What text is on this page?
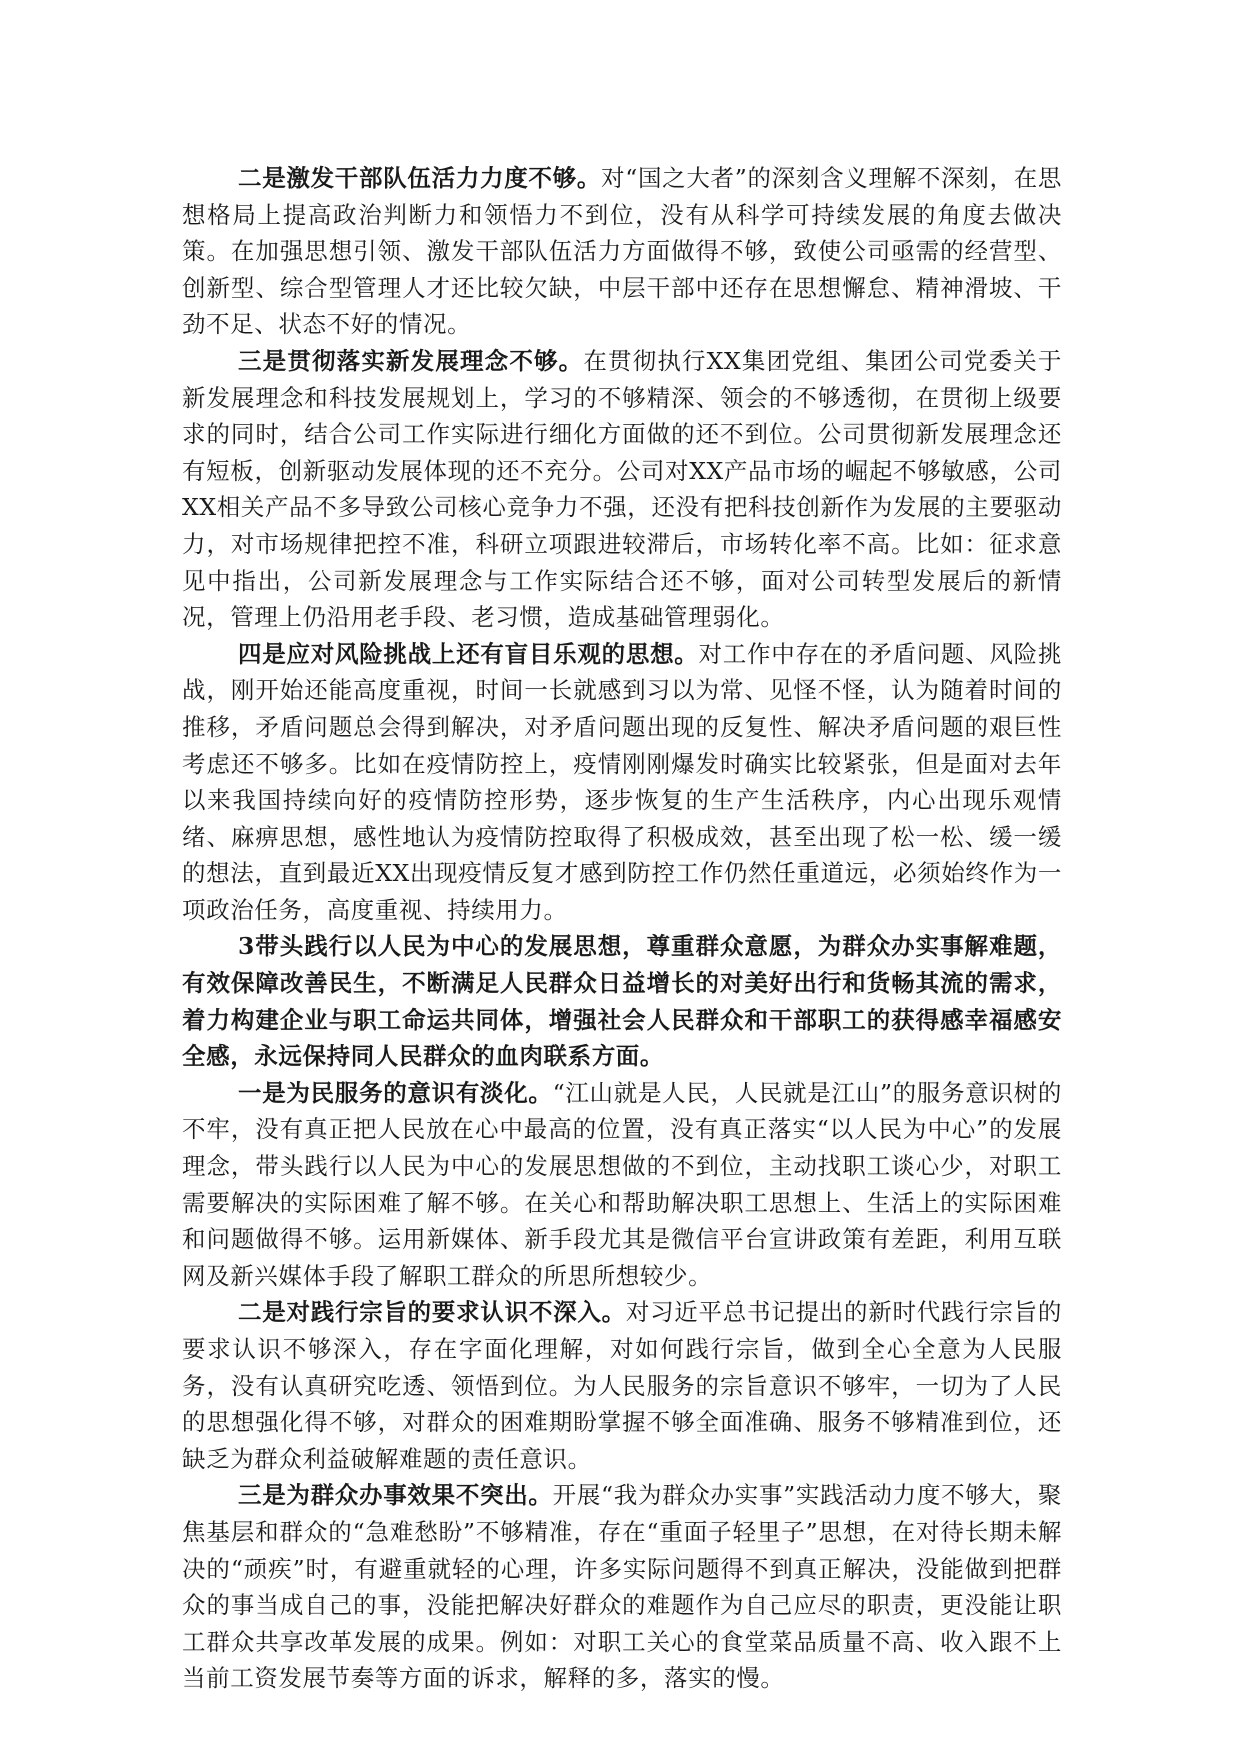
二是激发干部队伍活力力度不够。对“国之大者”的深刻含义理解不深刻，在思想格局上提高政治判断力和领悟力不到位，没有从科学可持续发展的角度去做决策。在加强思想引领、激发干部队伍活力方面做得不够，致使公司亟需的经营型、创新型、综合型管理人才还比较欠缺，中层干部中还存在思想懈怠、精神滑坡、干劲不足、状态不好的情况。

三是贯彻落实新发展理念不够。在贯彻执行XX集团党组、集团公司党委关于新发展理念和科技发展规划上，学习的不够精深、领会的不够透彻，在贯彻上级要求的同时，结合公司工作实际进行细化方面做的还不到位。公司贯彻新发展理念还有短板，创新驱动发展体现的还不充分。公司对XX产品市场的崛起不够敏感，公司XX相关产品不多导致公司核心竞争力不强，还没有把科技创新作为发展的主要驱动力，对市场规律把控不准，科研立项跟进较滞后，市场转化率不高。比如：征求意见中指出，公司新发展理念与工作实际结合还不够，面对公司转型发展后的新情况，管理上仍沿用老手段、老习惯，造成基础管理弱化。

四是应对风险挑战上还有盲目乐观的思想。对工作中存在的矛盾问题、风险挑战，刚开始还能高度重视，时间一长就感到习以为常、见怪不怪，认为随着时间的推移，矛盾问题总会得到解决，对矛盾问题出现的反复性、解决矛盾问题的艰巨性考虑还不够多。比如在疫情防控上，疫情刚刚爆发时确实比较紧张，但是面对去年以来我国持续向好的疫情防控形势，逐步恢复的生产生活秩序，内心出现乐观情绪、麻痹思想，感性地认为疫情防控取得了积极成效，甚至出现了松一松、缓一缓的想法，直到最近XX出现疫情反复才感到防控工作仍然任重道远，必须始终作为一项政治任务，高度重视、持续用力。

3带头践行以人民为中心的发展思想，尊重群众意愿，为群众办实事解难题，有效保障改善民生，不断满足人民群众日益增长的对美好出行和货畅其流的需求，着力构建企业与职工命运共同体，增强社会人民群众和干部职工的获得感幸福感安全感，永远保持同人民群众的血肉联系方面。

一是为民服务的意识有淡化。“江山就是人民，人民就是江山”的服务意识树的不牢，没有真正把人民放在心中最高的位置，没有真正落实“以人民为中心”的发展理念，带头践行以人民为中心的发展思想做的不到位，主动找职工谈心少，对职工需要解决的实际困难了解不够。在关心和帮助解决职工思想上、生活上的实际困难和问题做得不够。运用新媒体、新手段尤其是微信平台宣讲政策有差距，利用互联网及新兴媒体手段了解职工群众的所思所想较少。

二是对践行宗旨的要求认识不深入。对习近平总书记提出的新时代践行宗旨的要求认识不够深入，存在字面化理解，对如何践行宗旨，做到全心全意为人民服务，没有认真研究吃透、领悟到位。为人民服务的宗旨意识不够牢，一切为了人民的思想强化得不够，对群众的困难期盼掌握不够全面准确、服务不够精准到位，还缺乏为群众利益破解难题的责任意识。

三是为群众办事效果不突出。开展“我为群众办实事”实践活动力度不够大，聚焦基层和群众的“急难愁盼”不够精准，存在“重面子轻里子”思想，在对待长期未解决的“顽疾”时，有避重就轻的心理，许多实际问题得不到真正解决，没能做到把群众的事当成自己的事，没能把解决好群众的难题作为自己应尽的职责，更没能让职工群众共享改革发展的成果。例如：对职工关心的食堂菜品质量不高、收入跟不上当前工资发展节奏等方面的诉求，解释的多，落实的慢。
